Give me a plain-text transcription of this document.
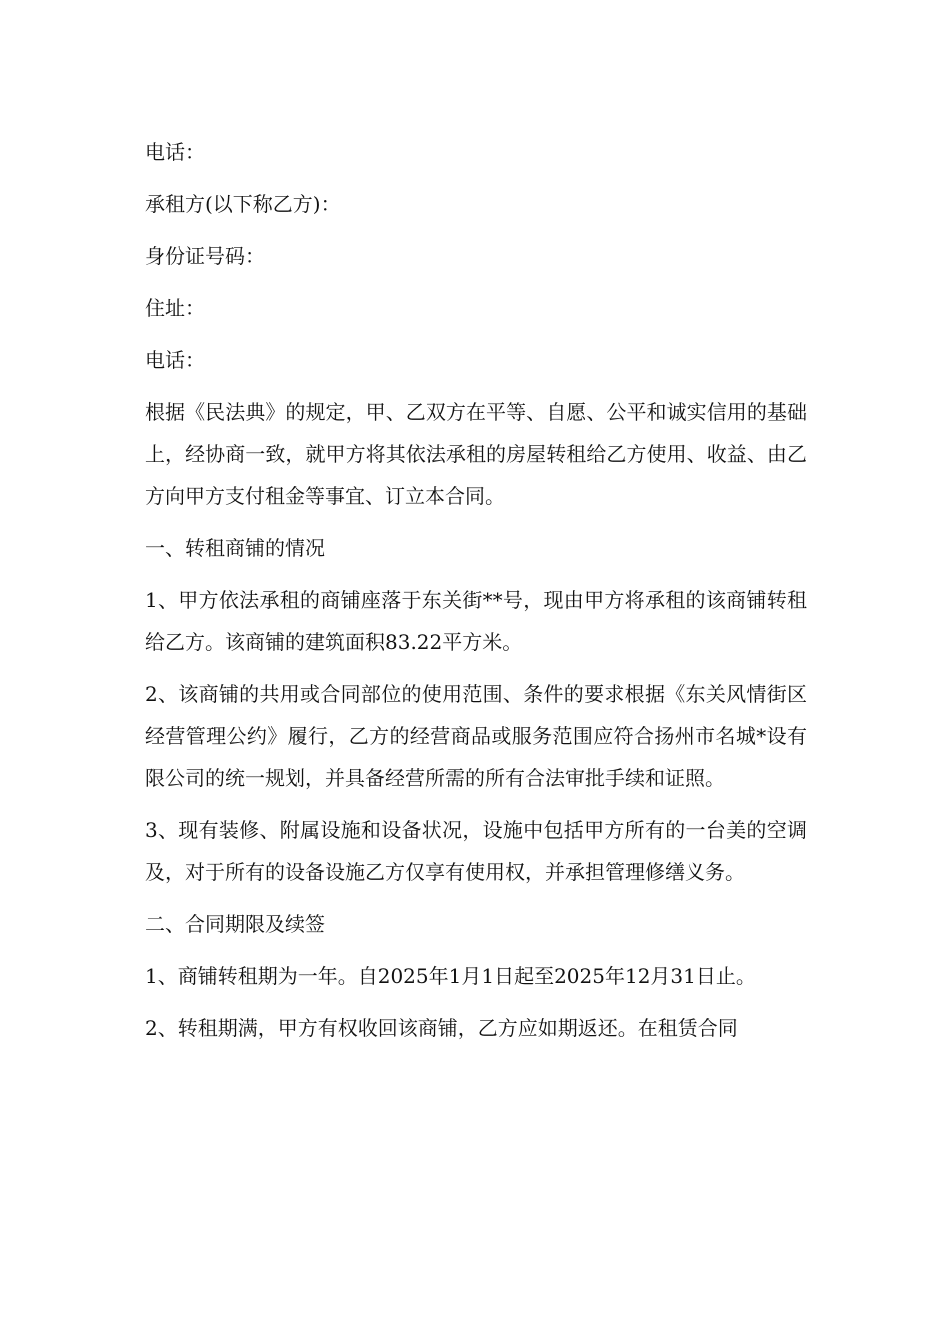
电话：

承租方(以下称乙方)：

身份证号码：

住址：

电话：

根据《民法典》的规定，甲、乙双方在平等、自愿、公平和诚实信用的基础上，经协商一致，就甲方将其依法承租的房屋转租给乙方使用、收益、由乙方向甲方支付租金等事宜、订立本合同。

一、转租商铺的情况

1、甲方依法承租的商铺座落于东关街**号，现由甲方将承租的该商铺转租给乙方。该商铺的建筑面积83.22平方米。

2、该商铺的共用或合同部位的使用范围、条件的要求根据《东关风情街区经营管理公约》履行，乙方的经营商品或服务范围应符合扬州市名城*设有限公司的统一规划，并具备经营所需的所有合法审批手续和证照。

3、现有装修、附属设施和设备状况，设施中包括甲方所有的一台美的空调及，对于所有的设备设施乙方仅享有使用权，并承担管理修缮义务。

二、合同期限及续签

1、商铺转租期为一年。自2025年1月1日起至2025年12月31日止。

2、转租期满，甲方有权收回该商铺，乙方应如期返还。在租赁合同
